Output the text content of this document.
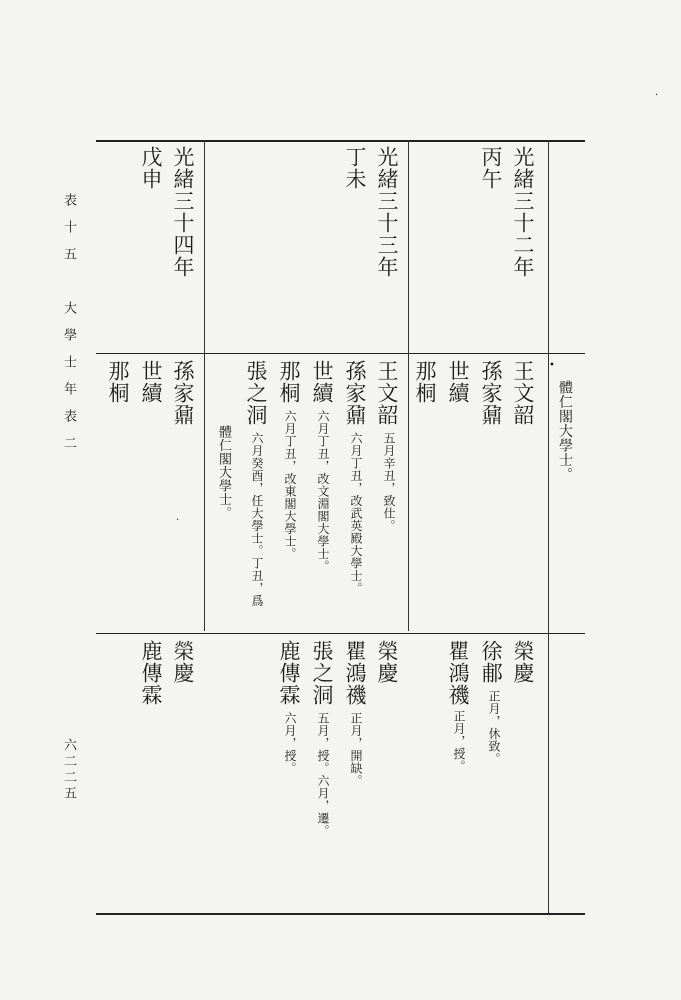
表十五　大學士年表二
六二二五
光緒三十二年
丙午
王文韶
孫家鼐
世續
那桐
榮慶
徐郙
正月，休致。
瞿鴻禨
正月，授。
體仁閣大學士。
光緒三十三年
丁未
王文韶
五月辛丑，致仕。
孫家鼐
六月丁丑，改武英殿大學士。
世續
六月丁丑，改文淵閣大學士。
那桐
六月丁丑，改東閣大學士。
張之洞
六月癸酉，任大學士。丁丑，爲
體仁閣大學士。
榮慶
瞿鴻禨
正月，開缺。
張之洞
五月，授。六月，遷。
鹿傳霖
六月，授。
光緒三十四年
戊申
孫家鼐
世續
那桐
榮慶
鹿傳霖
•
·
·
